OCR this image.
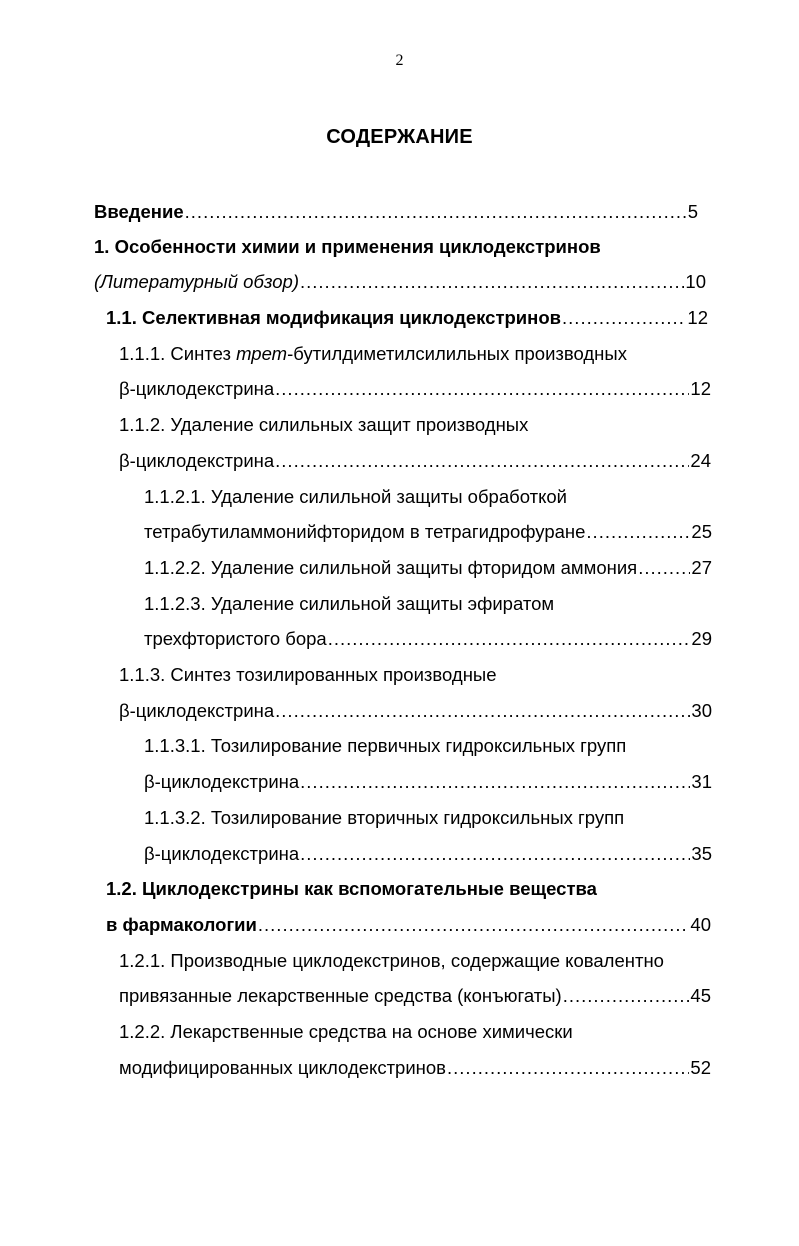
2
СОДЕРЖАНИЕ
Введение .....	5
1. Особенности химии и применения циклодекстринов
(Литературный обзор) .....	10
1.1. Селективная модификация циклодекстринов .....	12
1.1.1. Синтез трет-бутилдиметилсилильных производных
β-циклодекстрина .....	12
1.1.2. Удаление силильных защит производных
β-циклодекстрина .....	24
1.1.2.1. Удаление силильной защиты обработкой
тетрабутиламмонийфторидом в тетрагидрофуране .....	25
1.1.2.2. Удаление силильной защиты фторидом аммония .....	27
1.1.2.3. Удаление силильной защиты эфиратом
трехфтористого бора .....	29
1.1.3. Синтез тозилированных производные
β-циклодекстрина .....	30
1.1.3.1. Тозилирование первичных гидроксильных групп
β-циклодекстрина .....	31
1.1.3.2. Тозилирование вторичных гидроксильных групп
β-циклодекстрина .....	35
1.2. Циклодекстрины как вспомогательные вещества
в фармакологии .....	40
1.2.1. Производные циклодекстринов, содержащие ковалентно
привязанные лекарственные средства (конъюгаты) .....	45
1.2.2. Лекарственные средства на основе химически
модифицированных циклодекстринов .....	52
